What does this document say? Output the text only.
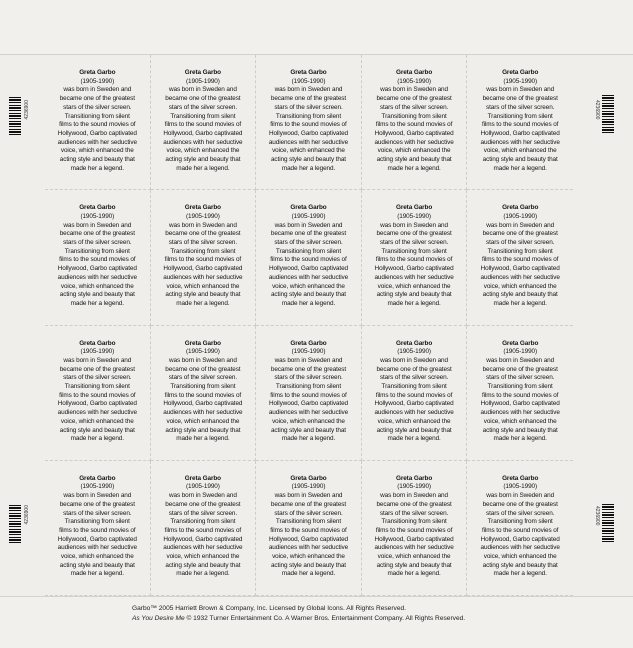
4236900	4236900
4236900	4236900
Greta Garbo
(1905-1990)
was born in Sweden and
became one of the greatest
stars of the silver screen.
Transitioning from silent
films to the sound movies of
Hollywood, Garbo captivated
audiences with her seductive
voice, which enhanced the
acting style and beauty that
made her a legend.
Greta Garbo
(1905-1990)
was born in Sweden and
became one of the greatest
stars of the silver screen.
Transitioning from silent
films to the sound movies of
Hollywood, Garbo captivated
audiences with her seductive
voice, which enhanced the
acting style and beauty that
made her a legend.
Greta Garbo
(1905-1990)
was born in Sweden and
became one of the greatest
stars of the silver screen.
Transitioning from silent
films to the sound movies of
Hollywood, Garbo captivated
audiences with her seductive
voice, which enhanced the
acting style and beauty that
made her a legend.
Greta Garbo
(1905-1990)
was born in Sweden and
became one of the greatest
stars of the silver screen.
Transitioning from silent
films to the sound movies of
Hollywood, Garbo captivated
audiences with her seductive
voice, which enhanced the
acting style and beauty that
made her a legend.
Greta Garbo
(1905-1990)
was born in Sweden and
became one of the greatest
stars of the silver screen.
Transitioning from silent
films to the sound movies of
Hollywood, Garbo captivated
audiences with her seductive
voice, which enhanced the
acting style and beauty that
made her a legend.
Greta Garbo
(1905-1990)
was born in Sweden and
became one of the greatest
stars of the silver screen.
Transitioning from silent
films to the sound movies of
Hollywood, Garbo captivated
audiences with her seductive
voice, which enhanced the
acting style and beauty that
made her a legend.
Greta Garbo
(1905-1990)
was born in Sweden and
became one of the greatest
stars of the silver screen.
Transitioning from silent
films to the sound movies of
Hollywood, Garbo captivated
audiences with her seductive
voice, which enhanced the
acting style and beauty that
made her a legend.
Greta Garbo
(1905-1990)
was born in Sweden and
became one of the greatest
stars of the silver screen.
Transitioning from silent
films to the sound movies of
Hollywood, Garbo captivated
audiences with her seductive
voice, which enhanced the
acting style and beauty that
made her a legend.
Greta Garbo
(1905-1990)
was born in Sweden and
became one of the greatest
stars of the silver screen.
Transitioning from silent
films to the sound movies of
Hollywood, Garbo captivated
audiences with her seductive
voice, which enhanced the
acting style and beauty that
made her a legend.
Greta Garbo
(1905-1990)
was born in Sweden and
became one of the greatest
stars of the silver screen.
Transitioning from silent
films to the sound movies of
Hollywood, Garbo captivated
audiences with her seductive
voice, which enhanced the
acting style and beauty that
made her a legend.
Greta Garbo
(1905-1990)
was born in Sweden and
became one of the greatest
stars of the silver screen.
Transitioning from silent
films to the sound movies of
Hollywood, Garbo captivated
audiences with her seductive
voice, which enhanced the
acting style and beauty that
made her a legend.
Greta Garbo
(1905-1990)
was born in Sweden and
became one of the greatest
stars of the silver screen.
Transitioning from silent
films to the sound movies of
Hollywood, Garbo captivated
audiences with her seductive
voice, which enhanced the
acting style and beauty that
made her a legend.
Greta Garbo
(1905-1990)
was born in Sweden and
became one of the greatest
stars of the silver screen.
Transitioning from silent
films to the sound movies of
Hollywood, Garbo captivated
audiences with her seductive
voice, which enhanced the
acting style and beauty that
made her a legend.
Greta Garbo
(1905-1990)
was born in Sweden and
became one of the greatest
stars of the silver screen.
Transitioning from silent
films to the sound movies of
Hollywood, Garbo captivated
audiences with her seductive
voice, which enhanced the
acting style and beauty that
made her a legend.
Greta Garbo
(1905-1990)
was born in Sweden and
became one of the greatest
stars of the silver screen.
Transitioning from silent
films to the sound movies of
Hollywood, Garbo captivated
audiences with her seductive
voice, which enhanced the
acting style and beauty that
made her a legend.
Greta Garbo
(1905-1990)
was born in Sweden and
became one of the greatest
stars of the silver screen.
Transitioning from silent
films to the sound movies of
Hollywood, Garbo captivated
audiences with her seductive
voice, which enhanced the
acting style and beauty that
made her a legend.
Greta Garbo
(1905-1990)
was born in Sweden and
became one of the greatest
stars of the silver screen.
Transitioning from silent
films to the sound movies of
Hollywood, Garbo captivated
audiences with her seductive
voice, which enhanced the
acting style and beauty that
made her a legend.
Greta Garbo
(1905-1990)
was born in Sweden and
became one of the greatest
stars of the silver screen.
Transitioning from silent
films to the sound movies of
Hollywood, Garbo captivated
audiences with her seductive
voice, which enhanced the
acting style and beauty that
made her a legend.
Greta Garbo
(1905-1990)
was born in Sweden and
became one of the greatest
stars of the silver screen.
Transitioning from silent
films to the sound movies of
Hollywood, Garbo captivated
audiences with her seductive
voice, which enhanced the
acting style and beauty that
made her a legend.
Greta Garbo
(1905-1990)
was born in Sweden and
became one of the greatest
stars of the silver screen.
Transitioning from silent
films to the sound movies of
Hollywood, Garbo captivated
audiences with her seductive
voice, which enhanced the
acting style and beauty that
made her a legend.
Garbo™ 2005 Harriett Brown & Company, Inc. Licensed by Global Icons. All Rights Reserved.
As You Desire Me © 1932 Turner Entertainment Co. A Warner Bros. Entertainment Company. All Rights Reserved.
